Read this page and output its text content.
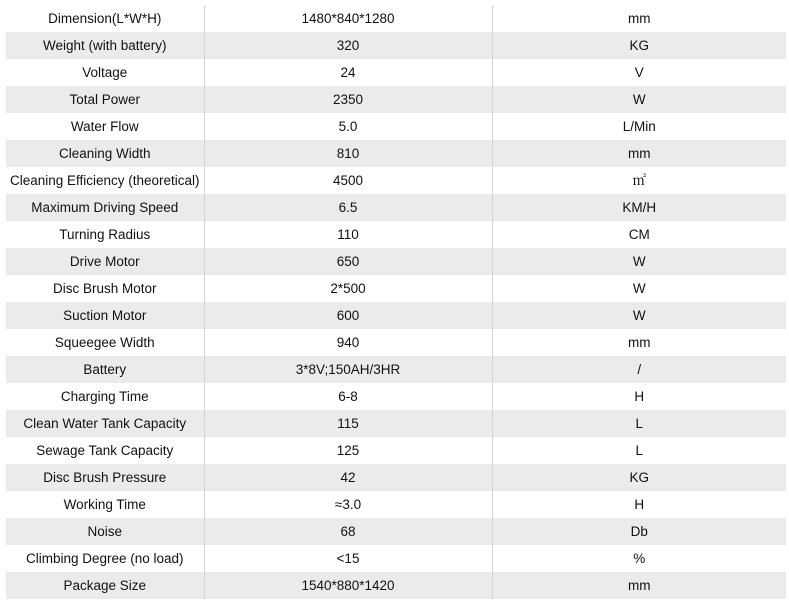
Dimension(L*W*H)	1480*840*1280	mm
Weight (with battery)	320	KG
Voltage	24	V
Total Power	2350	W
Water Flow	5.0	L/Min
Cleaning Width	810	mm
Cleaning Efficiency (theoretical)	4500	㎡
Maximum Driving Speed	6.5	KM/H
Turning Radius	110	CM
Drive Motor	650	W
Disc Brush Motor	2*500	W
Suction Motor	600	W
Squeegee Width	940	mm
Battery	3*8V;150AH/3HR	/
Charging Time	6-8	H
Clean Water Tank Capacity	115	L
Sewage Tank Capacity	125	L
Disc Brush Pressure	42	KG
Working Time	≈3.0	H
Noise	68	Db
Climbing Degree (no load)	<15	%
Package Size	1540*880*1420	mm
